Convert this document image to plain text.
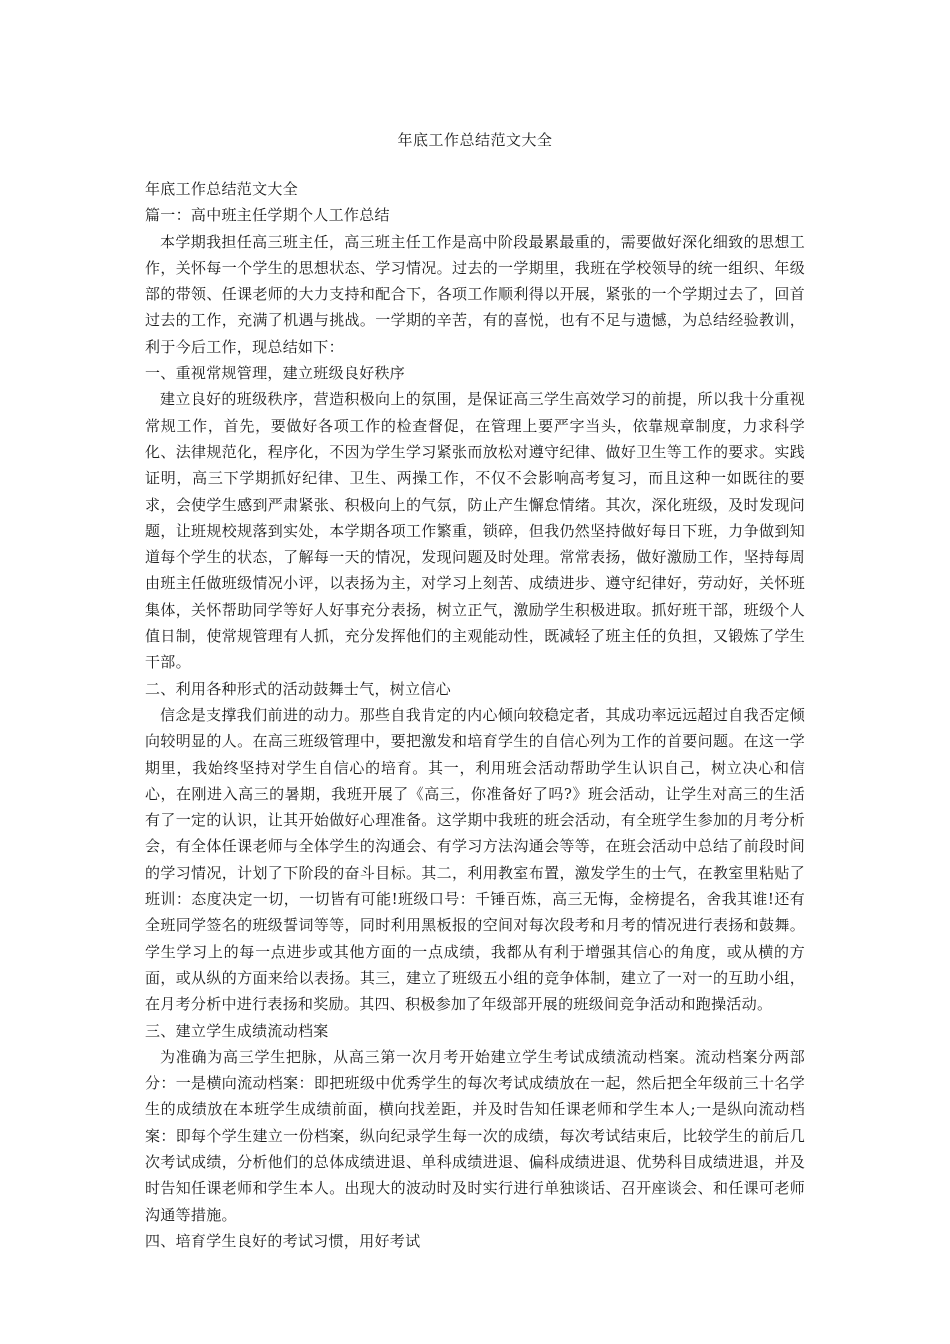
年底工作总结范文大全

年底工作总结范文大全

篇一：高中班主任学期个人工作总结

本学期我担任高三班主任，高三班主任工作是高中阶段最累最重的，需要做好深化细致的思想工作，关怀每一个学生的思想状态、学习情况。过去的一学期里，我班在学校领导的统一组织、年级部的带领、任课老师的大力支持和配合下，各项工作顺利得以开展，紧张的一个学期过去了，回首过去的工作，充满了机遇与挑战。一学期的辛苦，有的喜悦，也有不足与遗憾，为总结经验教训，利于今后工作，现总结如下：

一、重视常规管理，建立班级良好秩序

建立良好的班级秩序，营造积极向上的氛围，是保证高三学生高效学习的前提，所以我十分重视常规工作，首先，要做好各项工作的检查督促，在管理上要严字当头，依靠规章制度，力求科学化、法律规范化，程序化，不因为学生学习紧张而放松对遵守纪律、做好卫生等工作的要求。实践证明，高三下学期抓好纪律、卫生、两操工作，不仅不会影响高考复习，而且这种一如既往的要求，会使学生感到严肃紧张、积极向上的气氛，防止产生懈怠情绪。其次，深化班级，及时发现问题，让班规校规落到实处，本学期各项工作繁重，锁碎，但我仍然坚持做好每日下班，力争做到知道每个学生的状态，了解每一天的情况，发现问题及时处理。常常表扬，做好激励工作，坚持每周由班主任做班级情况小评，以表扬为主，对学习上刻苦、成绩进步、遵守纪律好，劳动好，关怀班集体，关怀帮助同学等好人好事充分表扬，树立正气，激励学生积极进取。抓好班干部，班级个人值日制，使常规管理有人抓，充分发挥他们的主观能动性，既减轻了班主任的负担，又锻炼了学生干部。

二、利用各种形式的活动鼓舞士气，树立信心

信念是支撑我们前进的动力。那些自我肯定的内心倾向较稳定者，其成功率远远超过自我否定倾向较明显的人。在高三班级管理中，要把激发和培育学生的自信心列为工作的首要问题。在这一学期里，我始终坚持对学生自信心的培育。其一，利用班会活动帮助学生认识自己，树立决心和信心，在刚进入高三的暑期，我班开展了《高三，你准备好了吗?》班会活动，让学生对高三的生活有了一定的认识，让其开始做好心理准备。这学期中我班的班会活动，有全班学生参加的月考分析会，有全体任课老师与全体学生的沟通会、有学习方法沟通会等等，在班会活动中总结了前段时间的学习情况，计划了下阶段的奋斗目标。其二，利用教室布置，激发学生的士气，在教室里粘贴了班训：态度决定一切，一切皆有可能!班级口号：千锤百炼，高三无悔，金榜提名，舍我其谁!还有全班同学签名的班级誓词等等，同时利用黑板报的空间对每次段考和月考的情况进行表扬和鼓舞。学生学习上的每一点进步或其他方面的一点成绩，我都从有利于增强其信心的角度，或从横的方面，或从纵的方面来给以表扬。其三，建立了班级五小组的竞争体制，建立了一对一的互助小组，在月考分析中进行表扬和奖励。其四、积极参加了年级部开展的班级间竞争活动和跑操活动。

三、建立学生成绩流动档案

为准确为高三学生把脉，从高三第一次月考开始建立学生考试成绩流动档案。流动档案分两部分：一是横向流动档案：即把班级中优秀学生的每次考试成绩放在一起，然后把全年级前三十名学生的成绩放在本班学生成绩前面，横向找差距，并及时告知任课老师和学生本人;一是纵向流动档案：即每个学生建立一份档案，纵向纪录学生每一次的成绩，每次考试结束后，比较学生的前后几次考试成绩，分析他们的总体成绩进退、单科成绩进退、偏科成绩进退、优势科目成绩进退，并及时告知任课老师和学生本人。出现大的波动时及时实行进行单独谈话、召开座谈会、和任课可老师沟通等措施。

四、培育学生良好的考试习惯，用好考试
